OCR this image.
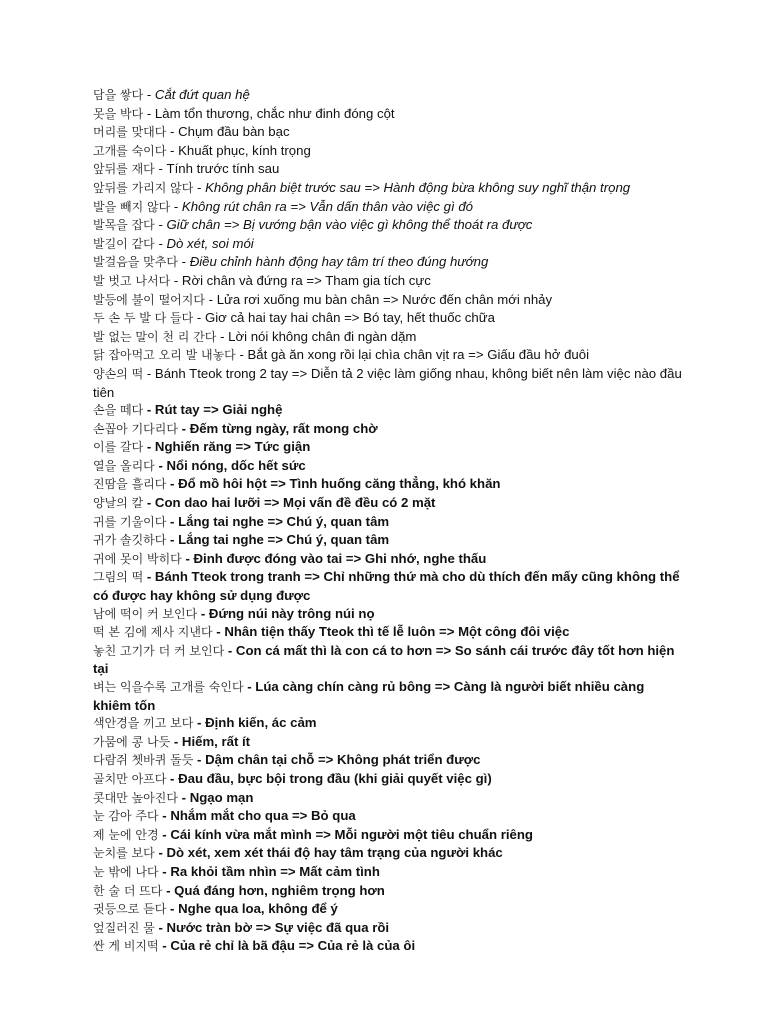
담을 쌓다 - Cắt đứt quan hệ

못을 박다 - Làm tổn thương, chắc như đinh đóng cột

머리를 맞대다 - Chụm đầu bàn bạc

고개를 숙이다 - Khuất phục, kính trọng

앞뒤를 재다 - Tính trước tính sau

앞뒤를 가리지 않다 - Không phân biệt trước sau => Hành động bừa không suy nghĩ thận trọng

발을 빼지 않다 - Không rút chân ra => Vẫn dấn thân vào việc gì đó

발목을 잡다 - Giữ chân => Bị vướng bận vào việc gì không thể thoát ra được

발길이 같다 - Dò xét, soi mói

발걸음을 맞추다 - Điều chỉnh hành động hay tâm trí theo đúng hướng

발 벗고 나서다 - Rời chân và đứng ra => Tham gia tích cực

발등에 불이 떨어지다 - Lửa rơi xuống mu bàn chân => Nước đến chân mới nhảy

두 손 두 발 다 들다 - Giơ cả hai tay hai chân => Bó tay, hết thuốc chữa

발 없는 말이 천 리 간다 - Lời nói không chân đi ngàn dặm

닭 잡아먹고 오리 발 내놓다 - Bắt gà ăn xong rồi lại chìa chân vịt ra => Giấu đầu hở đuôi

양손의 떡 - Bánh Tteok trong 2 tay => Diễn tả 2 việc làm giống nhau, không biết nên làm việc nào đầu tiên

손을 떼다 - Rút tay => Giải nghệ

손꼽아 기다리다 - Đếm từng ngày, rất mong chờ

이를 갈다 - Nghiến răng => Tức giận

열을 올리다 - Nổi nóng, dốc hết sức

진땀을 흘리다 - Đổ mồ hôi hột => Tình huống căng thẳng, khó khăn

양날의 칼 - Con dao hai lưỡi => Mọi vấn đề đều có 2 mặt

귀를 기울이다 - Lắng tai nghe => Chú ý, quan tâm

귀가 솔깃하다 - Lắng tai nghe => Chú ý, quan tâm

귀에 못이 박히다 - Đinh được đóng vào tai => Ghi nhớ, nghe thấu

그림의 떡 - Bánh Tteok trong tranh => Chỉ những thứ mà cho dù thích đến mấy cũng không thể có được hay không sử dụng được

남에 떡이 커 보인다 - Đứng núi này trông núi nọ

떡 본 김에 제사 지낸다 - Nhân tiện thấy Tteok thì tế lễ luôn => Một công đôi việc

놓친 고기가 더 커 보인다 - Con cá mất thì là con cá to hơn => So sánh cái trước đây tốt hơn hiện tại

벼는 익을수록 고개를 숙인다 - Lúa càng chín càng rủ bông => Càng là người biết nhiều càng khiêm tốn

색안경을 끼고 보다 - Định kiến, ác cảm

가뭄에 콩 나듯 - Hiếm, rất ít

다람쥐 쳇바퀴 돌듯 - Dậm chân tại chỗ => Không phát triển được

골치만 아프다 - Đau đầu, bực bội trong đầu (khi giải quyết việc gì)

콧대만 높아진다 - Ngạo mạn

눈 감아 주다 - Nhắm mắt cho qua => Bỏ qua

제 눈에 안경 - Cái kính vừa mắt mình => Mỗi người một tiêu chuẩn riêng

눈치를 보다 - Dò xét, xem xét thái độ hay tâm trạng của người khác

눈 밖에 나다 - Ra khỏi tầm nhìn => Mất cảm tình

한 술 더 뜨다 - Quá đáng hơn, nghiêm trọng hơn

귓등으로 듣다 - Nghe qua loa, không để ý

엎질러진 물 - Nước tràn bờ => Sự việc đã qua rồi

싼 게 비지떡 - Của rẻ chỉ là bã đậu => Của rẻ là của ôi
